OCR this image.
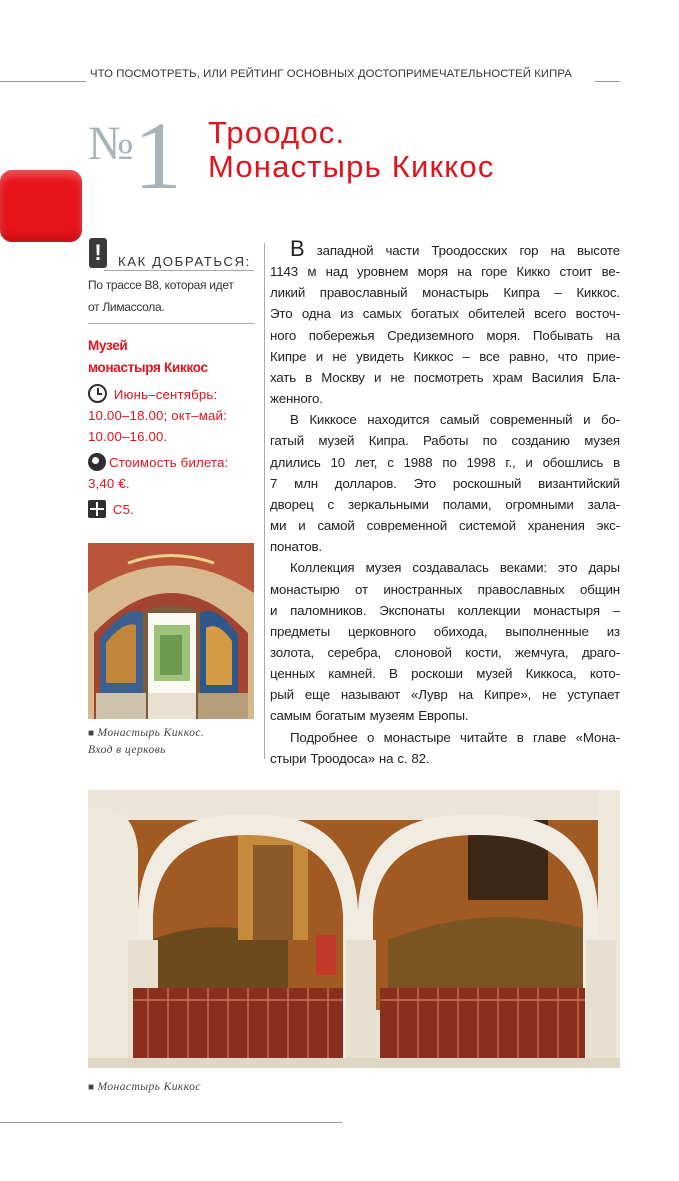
ЧТО ПОСМОТРЕТЬ, ИЛИ РЕЙТИНГ ОСНОВНЫХ ДОСТОПРИМЕЧАТЕЛЬНОСТЕЙ КИПРА
№1 Троодос.
Монастырь Киккос
!	КАК ДОБРАТЬСЯ:
По трассе В8, которая идет
от Лимассола.
Музей
монастыря Киккос
Июнь–сентябрь:
10.00–18.00; окт–май:
10.00–16.00.
Стоимость билета:
3,40 €.
C5.
■ Монастырь Киккос.
Вход в церковь
В западной части Троодосских гор на высоте
1143 м над уровнем моря на горе Кикко стоит ве-
ликий православный монастырь Кипра – Киккос.
Это одна из самых богатых обителей всего восточ-
ного побережья Средиземного моря. Побывать на
Кипре и не увидеть Киккос – все равно, что прие-
хать в Москву и не посмотреть храм Василия Бла-
женного.
В Киккосе находится самый современный и бо-
гатый музей Кипра. Работы по созданию музея
длились 10 лет, с 1988 по 1998 г., и обошлись в
7 млн долларов. Это роскошный византийский
дворец с зеркальными полами, огромными зала-
ми и самой современной системой хранения экс-
понатов.
Коллекция музея создавалась веками: это дары
монастырю от иностранных православных общин
и паломников. Экспонаты коллекции монастыря –
предметы церковного обихода, выполненные из
золота, серебра, слоновой кости, жемчуга, драго-
ценных камней. В роскоши музей Киккоса, кото-
рый еще называют «Лувр на Кипре», не уступает
самым богатым музеям Европы.
Подробнее о монастыре читайте в главе «Мона-
стыри Троодоса» на с. 82.
■ Монастырь Киккос
